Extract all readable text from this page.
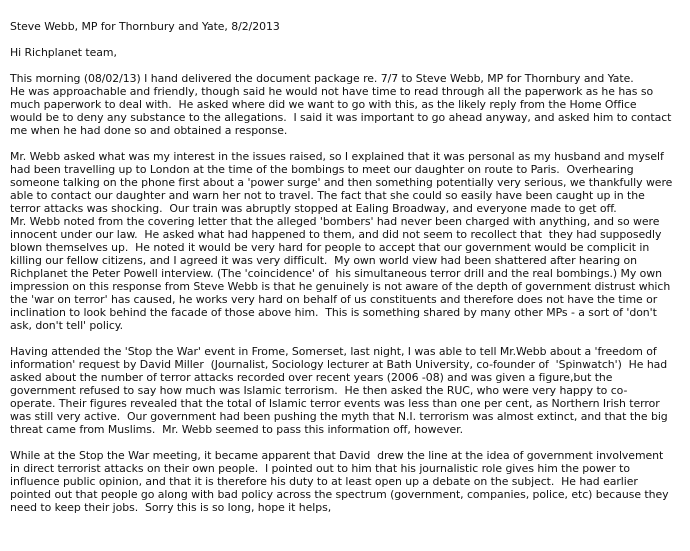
Steve Webb, MP for Thornbury and Yate, 8/2/2013
Hi Richplanet team,
This morning (08/02/13) I hand delivered the document package re. 7/7 to Steve Webb, MP for Thornbury and Yate.
He was approachable and friendly, though said he would not have time to read through all the paperwork as he has so
much paperwork to deal with.  He asked where did we want to go with this, as the likely reply from the Home Office
would be to deny any substance to the allegations.  I said it was important to go ahead anyway, and asked him to contact
me when he had done so and obtained a response.
Mr. Webb asked what was my interest in the issues raised, so I explained that it was personal as my husband and myself
had been travelling up to London at the time of the bombings to meet our daughter on route to Paris.  Overhearing
someone talking on the phone first about a 'power surge' and then something potentially very serious, we thankfully were
able to contact our daughter and warn her not to travel. The fact that she could so easily have been caught up in the
terror attacks was shocking.  Our train was abruptly stopped at Ealing Broadway, and everyone made to get off.
Mr. Webb noted from the covering letter that the alleged 'bombers' had never been charged with anything, and so were
innocent under our law.  He asked what had happened to them, and did not seem to recollect that  they had supposedly
blown themselves up.  He noted it would be very hard for people to accept that our government would be complicit in
killing our fellow citizens, and I agreed it was very difficult.  My own world view had been shattered after hearing on
Richplanet the Peter Powell interview. (The 'coincidence' of  his simultaneous terror drill and the real bombings.) My own
impression on this response from Steve Webb is that he genuinely is not aware of the depth of government distrust which
the 'war on terror' has caused, he works very hard on behalf of us constituents and therefore does not have the time or
inclination to look behind the facade of those above him.  This is something shared by many other MPs - a sort of 'don't
ask, don't tell' policy.
Having attended the 'Stop the War' event in Frome, Somerset, last night, I was able to tell Mr.Webb about a 'freedom of
information' request by David Miller  (Journalist, Sociology lecturer at Bath University, co-founder of  'Spinwatch')  He had
asked about the number of terror attacks recorded over recent years (2006 -08) and was given a figure,but the
government refused to say how much was Islamic terrorism.  He then asked the RUC, who were very happy to co-
operate. Their figures revealed that the total of Islamic terror events was less than one per cent, as Northern Irish terror
was still very active.  Our government had been pushing the myth that N.I. terrorism was almost extinct, and that the big
threat came from Muslims.  Mr. Webb seemed to pass this information off, however.
While at the Stop the War meeting, it became apparent that David  drew the line at the idea of government involvement
in direct terrorist attacks on their own people.  I pointed out to him that his journalistic role gives him the power to
influence public opinion, and that it is therefore his duty to at least open up a debate on the subject.  He had earlier
pointed out that people go along with bad policy across the spectrum (government, companies, police, etc) because they
need to keep their jobs.  Sorry this is so long, hope it helps,
